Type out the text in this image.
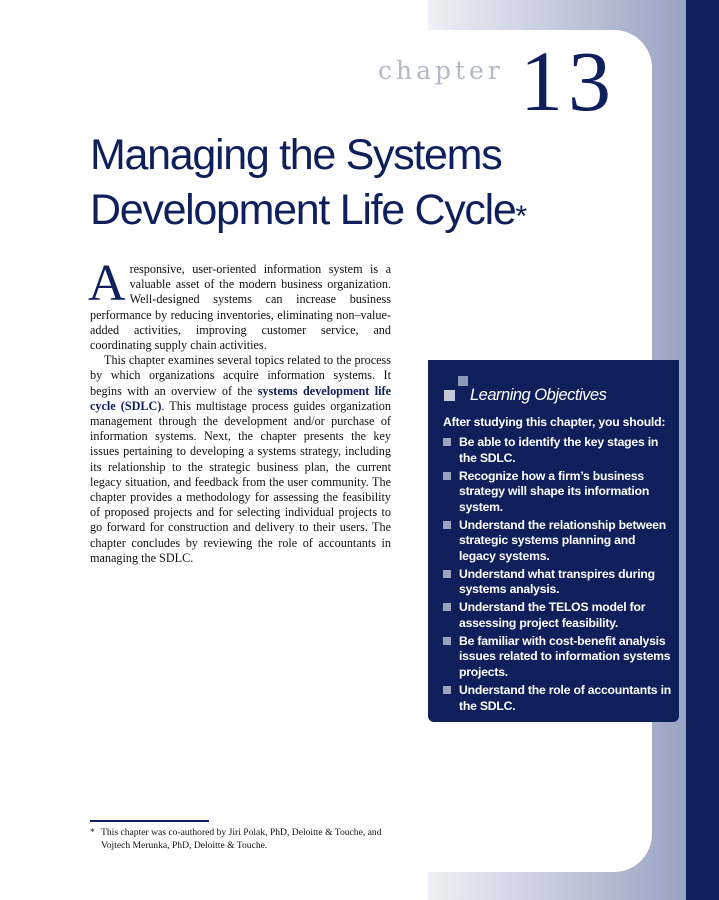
chapter 13
Managing the Systems
Development Life Cycle*

A responsive, user-oriented information system is a valuable asset of the modern business organization. Well-designed systems can increase business performance by reducing inventories, eliminating non–value-added activities, improving customer service, and coordinating supply chain activities.

This chapter examines several topics related to the process by which organizations acquire information systems. It begins with an overview of the systems development life cycle (SDLC). This multistage process guides organization management through the development and/or purchase of information systems. Next, the chapter presents the key issues pertaining to developing a systems strategy, including its relationship to the strategic business plan, the current legacy situation, and feedback from the user community. The chapter provides a methodology for assessing the feasibility of proposed projects and for selecting individual projects to go forward for construction and delivery to their users. The chapter concludes by reviewing the role of accountants in managing the SDLC.

Learning Objectives

After studying this chapter, you should:

Be able to identify the key stages in the SDLC.
Recognize how a firm’s business strategy will shape its information system.
Understand the relationship between strategic systems planning and legacy systems.
Understand what transpires during systems analysis.
Understand the TELOS model for assessing project feasibility.
Be familiar with cost-benefit analysis issues related to information systems projects.
Understand the role of accountants in the SDLC.

* This chapter was co-authored by Jiri Polak, PhD, Deloitte & Touche, and
Vojtech Merunka, PhD, Deloitte & Touche.
